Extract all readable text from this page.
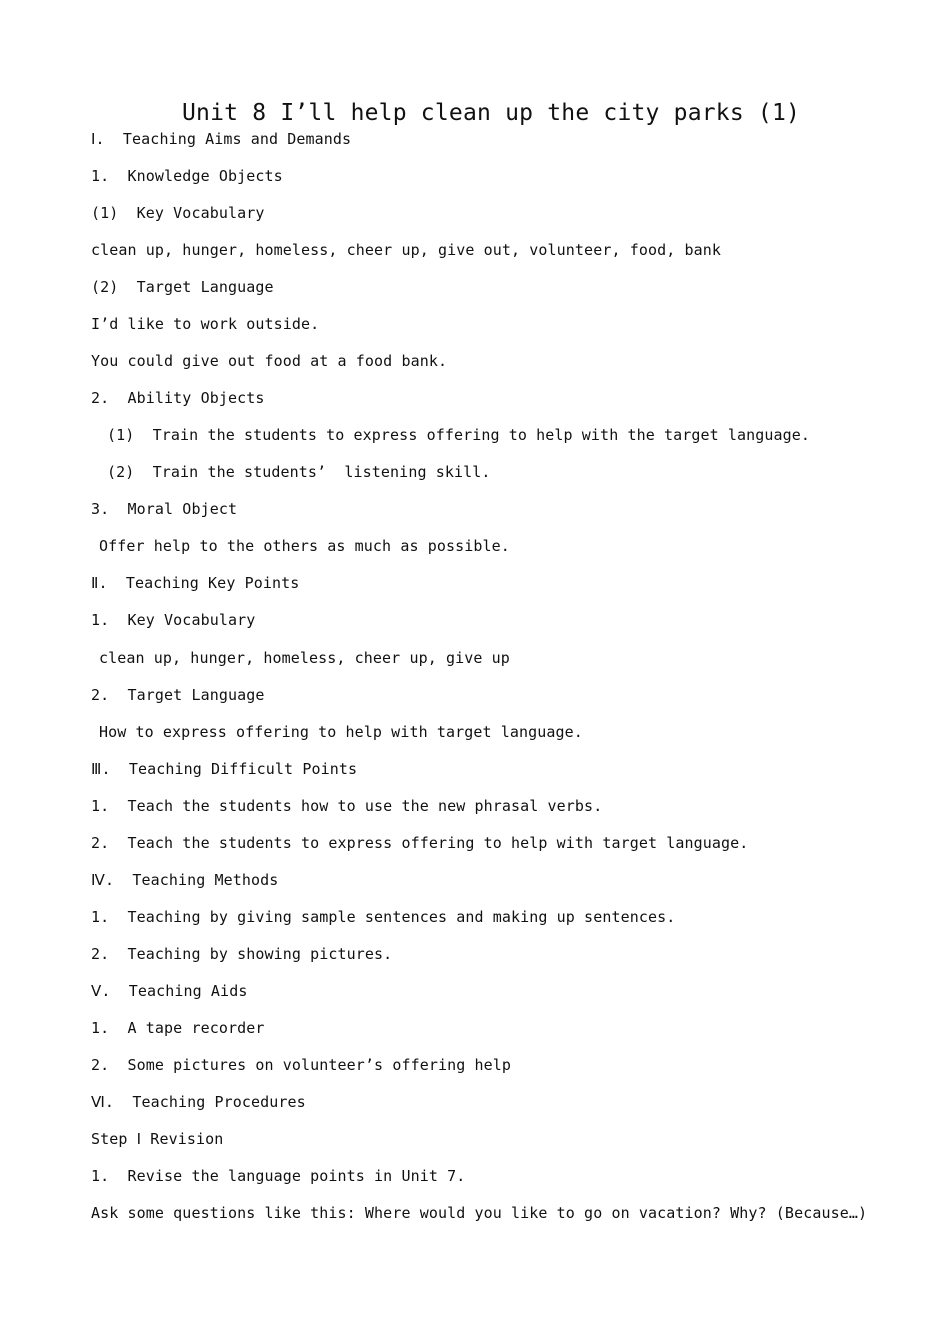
Unit 8 I’ll help clean up the city parks (1)
Ⅰ.  Teaching Aims and Demands
1.  Knowledge Objects
(1)  Key Vocabulary
clean up, hunger, homeless, cheer up, give out, volunteer, food, bank
(2)  Target Language
I’d like to work outside.
You could give out food at a food bank.
2.  Ability Objects
(1)  Train the students to express offering to help with the target language.
(2)  Train the students’  listening skill.
3.  Moral Object
Offer help to the others as much as possible.
Ⅱ.  Teaching Key Points
1.  Key Vocabulary
clean up, hunger, homeless, cheer up, give up
2.  Target Language
How to express offering to help with target language.
Ⅲ.  Teaching Difficult Points
1.  Teach the students how to use the new phrasal verbs.
2.  Teach the students to express offering to help with target language.
Ⅳ.  Teaching Methods
1.  Teaching by giving sample sentences and making up sentences.
2.  Teaching by showing pictures.
Ⅴ.  Teaching Aids
1.  A tape recorder
2.  Some pictures on volunteer’s offering help
Ⅵ.  Teaching Procedures
Step Ⅰ Revision
1.  Revise the language points in Unit 7.
Ask some questions like this: Where would you like to go on vacation? Why? (Because…)
